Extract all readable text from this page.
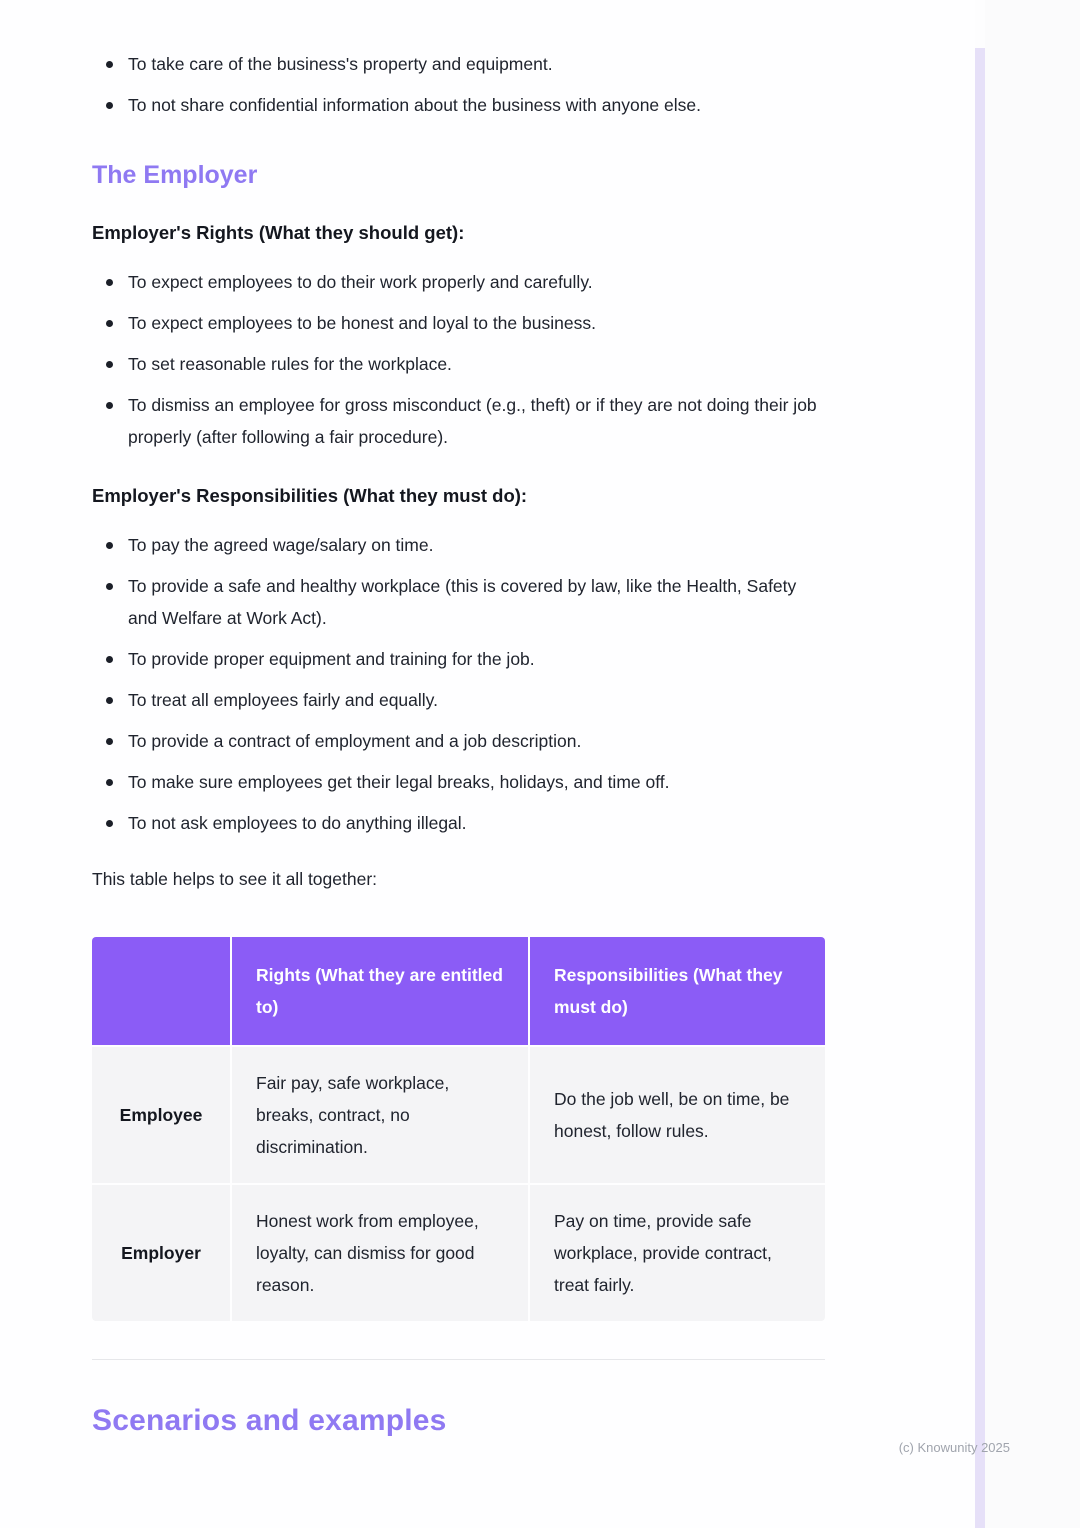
To take care of the business's property and equipment.
To not share confidential information about the business with anyone else.
The Employer
Employer's Rights (What they should get):
To expect employees to do their work properly and carefully.
To expect employees to be honest and loyal to the business.
To set reasonable rules for the workplace.
To dismiss an employee for gross misconduct (e.g., theft) or if they are not doing their job properly (after following a fair procedure).
Employer's Responsibilities (What they must do):
To pay the agreed wage/salary on time.
To provide a safe and healthy workplace (this is covered by law, like the Health, Safety and Welfare at Work Act).
To provide proper equipment and training for the job.
To treat all employees fairly and equally.
To provide a contract of employment and a job description.
To make sure employees get their legal breaks, holidays, and time off.
To not ask employees to do anything illegal.

This table helps to see it all together:

Rights (What they are entitled to)
Responsibilities (What they must do)
Employee
Fair pay, safe workplace, breaks, contract, no discrimination.
Do the job well, be on time, be honest, follow rules.
Employer
Honest work from employee, loyalty, can dismiss for good reason.
Pay on time, provide safe workplace, provide contract, treat fairly.
Scenarios and examples
(c) Knowunity 2025
